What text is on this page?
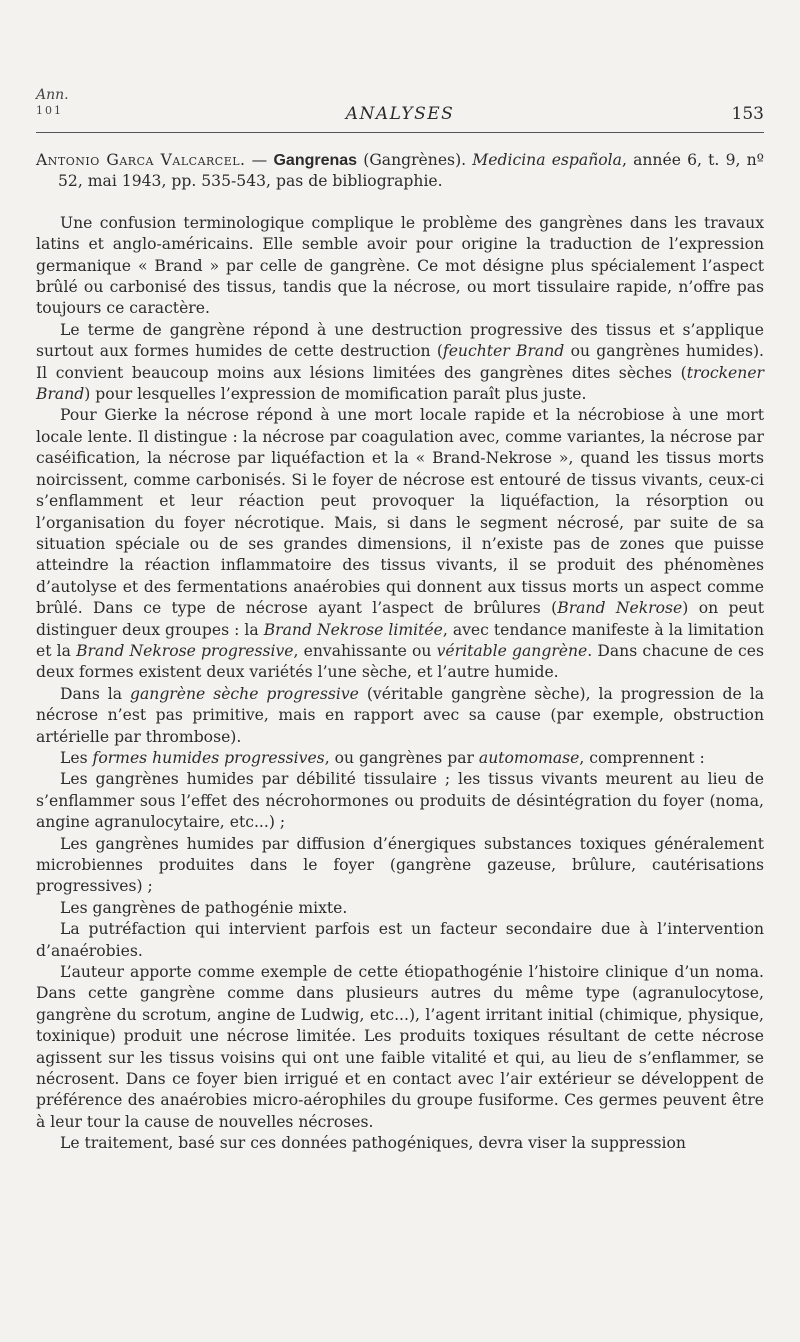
Ann.
101	ANALYSES	153

Antonio Garca Valcarcel. — Gangrenas (Gangrènes). Medicina española, année 6, t. 9, nº 52, mai 1943, pp. 535-543, pas de bibliographie.

Une confusion terminologique complique le problème des gangrènes dans les travaux latins et anglo-américains. Elle semble avoir pour origine la traduction de l’expression germanique « Brand » par celle de gangrène. Ce mot désigne plus spécialement l’aspect brûlé ou carbonisé des tissus, tandis que la nécrose, ou mort tissulaire rapide, n’offre pas toujours ce caractère.

Le terme de gangrène répond à une destruction progressive des tissus et s’applique surtout aux formes humides de cette destruction (feuchter Brand ou gangrènes humides). Il convient beaucoup moins aux lésions limitées des gangrènes dites sèches (trockener Brand) pour lesquelles l’expression de momification paraît plus juste.

Pour Gierke la nécrose répond à une mort locale rapide et la nécrobiose à une mort locale lente. Il distingue : la nécrose par coagulation avec, comme variantes, la nécrose par caséification, la nécrose par liquéfaction et la « Brand-Nekrose », quand les tissus morts noircissent, comme carbonisés. Si le foyer de nécrose est entouré de tissus vivants, ceux-ci s’enflamment et leur réaction peut provoquer la liquéfaction, la résorption ou l’organisation du foyer nécrotique. Mais, si dans le segment nécrosé, par suite de sa situation spéciale ou de ses grandes dimensions, il n’existe pas de zones que puisse atteindre la réaction inflammatoire des tissus vivants, il se produit des phénomènes d’autolyse et des fermentations anaérobies qui donnent aux tissus morts un aspect comme brûlé. Dans ce type de nécrose ayant l’aspect de brûlures (Brand Nekrose) on peut distinguer deux groupes : la Brand Nekrose limitée, avec tendance manifeste à la limitation et la Brand Nekrose progressive, envahissante ou véritable gangrène. Dans chacune de ces deux formes existent deux variétés l’une sèche, et l’autre humide.

Dans la gangrène sèche progressive (véritable gangrène sèche), la progression de la nécrose n’est pas primitive, mais en rapport avec sa cause (par exemple, obstruction artérielle par thrombose).

Les formes humides progressives, ou gangrènes par automomase, comprennent :

Les gangrènes humides par débilité tissulaire ; les tissus vivants meurent au lieu de s’enflammer sous l’effet des nécrohormones ou produits de désintégration du foyer (noma, angine agranulocytaire, etc...) ;

Les gangrènes humides par diffusion d’énergiques substances toxiques généralement microbiennes produites dans le foyer (gangrène gazeuse, brûlure, cautérisations progressives) ;

Les gangrènes de pathogénie mixte.

La putréfaction qui intervient parfois est un facteur secondaire due à l’intervention d’anaérobies.

L’auteur apporte comme exemple de cette étiopathogénie l’histoire clinique d’un noma. Dans cette gangrène comme dans plusieurs autres du même type (agranulocytose, gangrène du scrotum, angine de Ludwig, etc...), l’agent irritant initial (chimique, physique, toxinique) produit une nécrose limitée. Les produits toxiques résultant de cette nécrose agissent sur les tissus voisins qui ont une faible vitalité et qui, au lieu de s’enflammer, se nécrosent. Dans ce foyer bien irrigué et en contact avec l’air extérieur se développent de préférence des anaérobies micro-aérophiles du groupe fusiforme. Ces germes peuvent être à leur tour la cause de nouvelles nécroses.

Le traitement, basé sur ces données pathogéniques, devra viser la suppression
